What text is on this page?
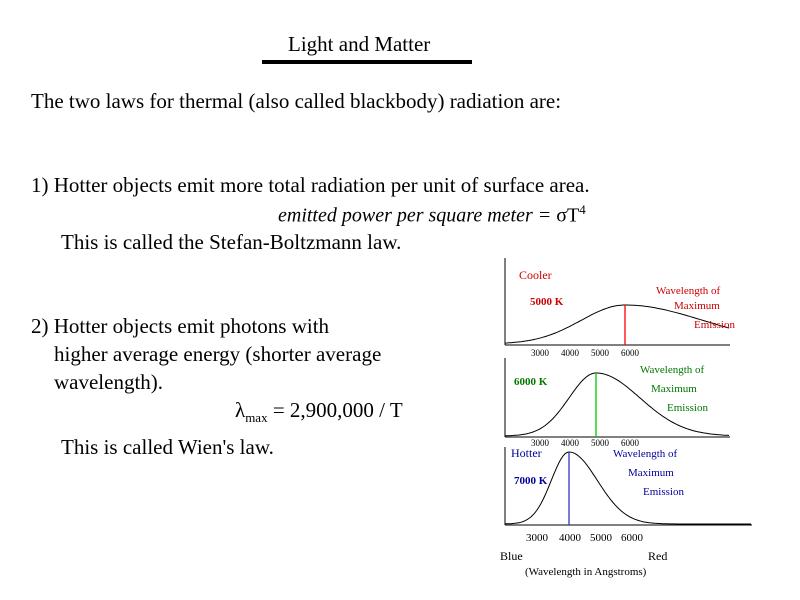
Light and Matter
The two laws for thermal (also called blackbody) radiation are:
1) Hotter objects emit more total radiation per unit of surface area.
emitted power per square meter = $\sigma T^4$
This is called the Stefan-Boltzmann law.
2) Hotter objects emit photons with
higher average energy (shorter average
wavelength).
$\lambda_{max} = 2,900,000 / T$
This is called Wien's law.
Cooler
5000 K
Wavelength of
Maximum
Emission
3000 4000 5000 6000
6000 K
Wavelength of
Maximum
Emission
3000 4000 5000 6000
Hotter
7000 K
Wavelength of
Maximum
Emission
3000 4000 5000 6000
Blue	Red
(Wavelength in Angstroms)
